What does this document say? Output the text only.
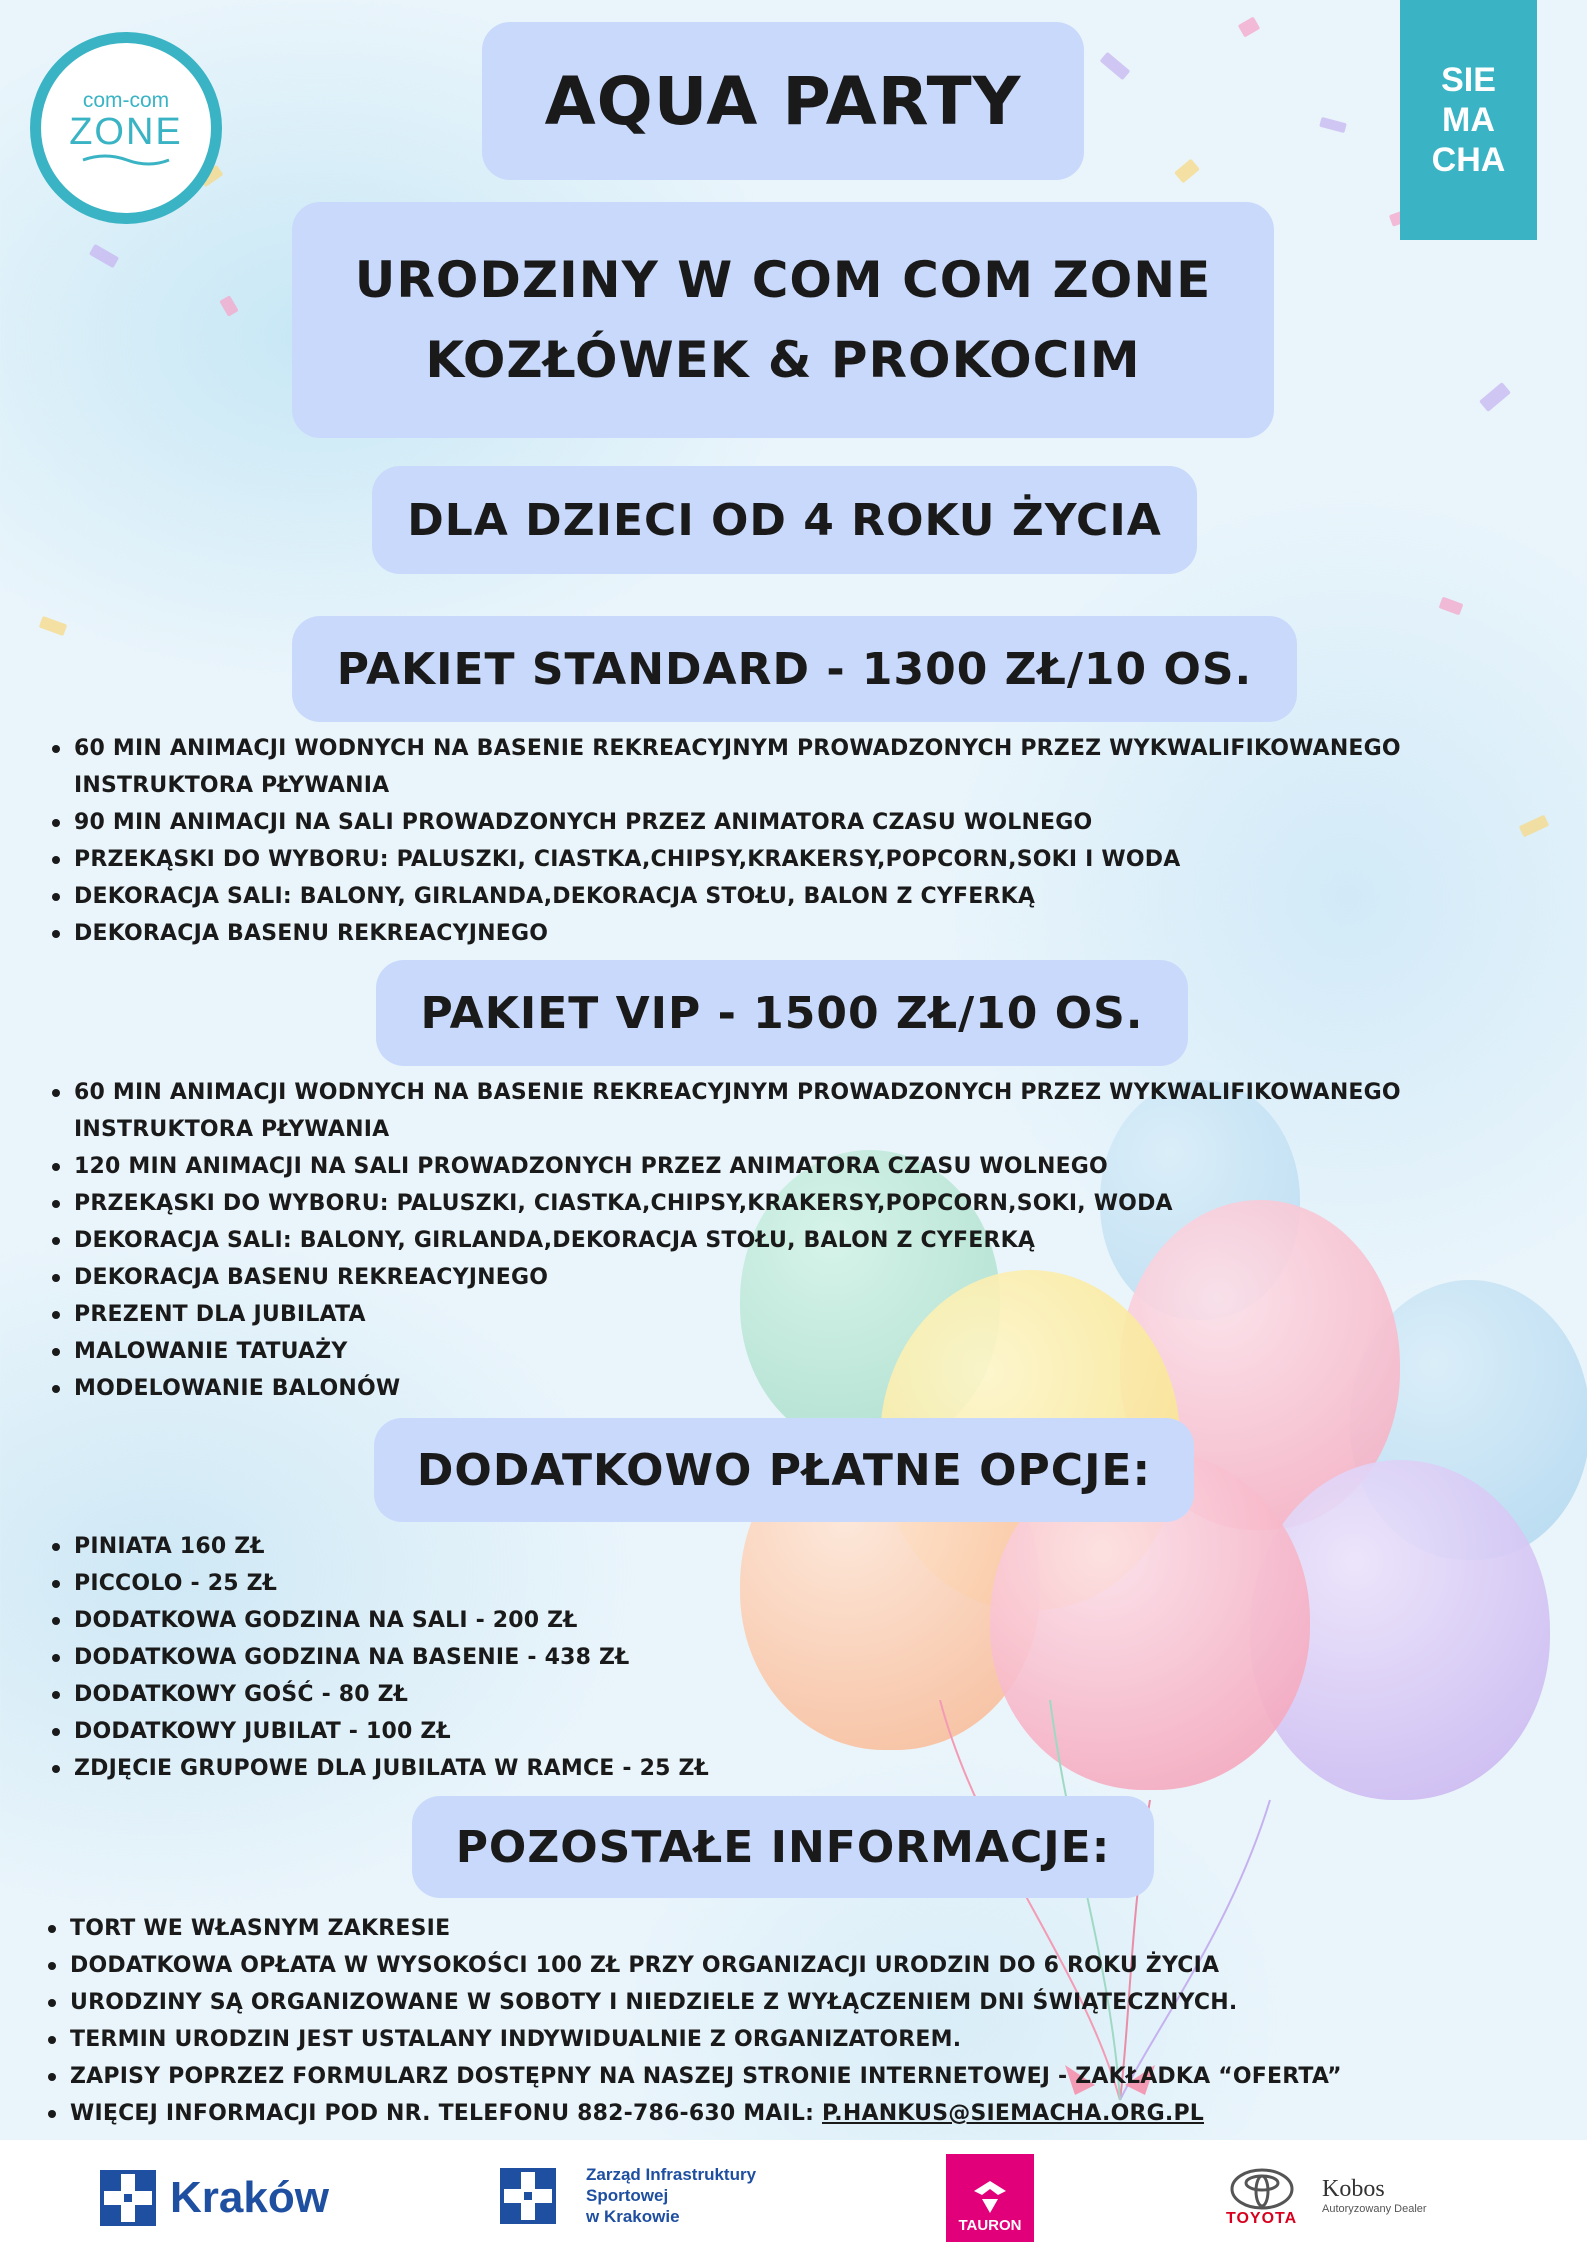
com-com
ZONE
SIE
MA
CHA
AQUA PARTY
URODZINY W COM COM ZONE
KOZŁÓWEK & PROKOCIM
DLA DZIECI OD 4 ROKU ŻYCIA
PAKIET STANDARD - 1300 ZŁ/10 OS.
60 MIN ANIMACJI WODNYCH NA BASENIE REKREACYJNYM PROWADZONYCH PRZEZ WYKWALIFIKOWANEGO INSTRUKTORA PŁYWANIA
90 MIN ANIMACJI NA SALI PROWADZONYCH PRZEZ ANIMATORA CZASU WOLNEGO
PRZEKĄSKI DO WYBORU: PALUSZKI, CIASTKA,CHIPSY,KRAKERSY,POPCORN,SOKI I WODA
DEKORACJA SALI: BALONY, GIRLANDA,DEKORACJA STOŁU, BALON Z CYFERKĄ
DEKORACJA BASENU REKREACYJNEGO
PAKIET VIP - 1500 ZŁ/10 OS.
60 MIN ANIMACJI WODNYCH NA BASENIE REKREACYJNYM PROWADZONYCH PRZEZ WYKWALIFIKOWANEGO INSTRUKTORA PŁYWANIA
120 MIN ANIMACJI NA SALI PROWADZONYCH PRZEZ ANIMATORA CZASU WOLNEGO
PRZEKĄSKI DO WYBORU: PALUSZKI, CIASTKA,CHIPSY,KRAKERSY,POPCORN,SOKI, WODA
DEKORACJA SALI: BALONY, GIRLANDA,DEKORACJA STOŁU, BALON Z CYFERKĄ
DEKORACJA BASENU REKREACYJNEGO
PREZENT DLA JUBILATA
MALOWANIE TATUAŻY
MODELOWANIE BALONÓW
DODATKOWO PŁATNE OPCJE:
PINIATA 160 ZŁ
PICCOLO - 25 ZŁ
DODATKOWA GODZINA NA SALI - 200 ZŁ
DODATKOWA GODZINA NA BASENIE - 438 ZŁ
DODATKOWY GOŚĆ - 80 ZŁ
DODATKOWY JUBILAT - 100 ZŁ
ZDJĘCIE GRUPOWE DLA JUBILATA W RAMCE - 25 ZŁ
POZOSTAŁE INFORMACJE:
TORT WE WŁASNYM ZAKRESIE
DODATKOWA OPŁATA W WYSOKOŚCI 100 ZŁ PRZY ORGANIZACJI URODZIN DO 6 ROKU ŻYCIA
URODZINY SĄ ORGANIZOWANE W SOBOTY I NIEDZIELE Z WYŁĄCZENIEM DNI ŚWIĄTECZNYCH.
TERMIN URODZIN JEST USTALANY INDYWIDUALNIE Z ORGANIZATOREM.
ZAPISY POPRZEZ FORMULARZ DOSTĘPNY NA NASZEJ STRONIE INTERNETOWEJ - ZAKŁADKA “OFERTA”
WIĘCEJ INFORMACJI POD NR. TELEFONU 882-786-630 MAIL: P.HANKUS@SIEMACHA.ORG.PL
Kraków	Zarząd Infrastruktury
Sportowej
w Krakowie	TAURON	TOYOTA
Kobos
Autoryzowany Dealer
